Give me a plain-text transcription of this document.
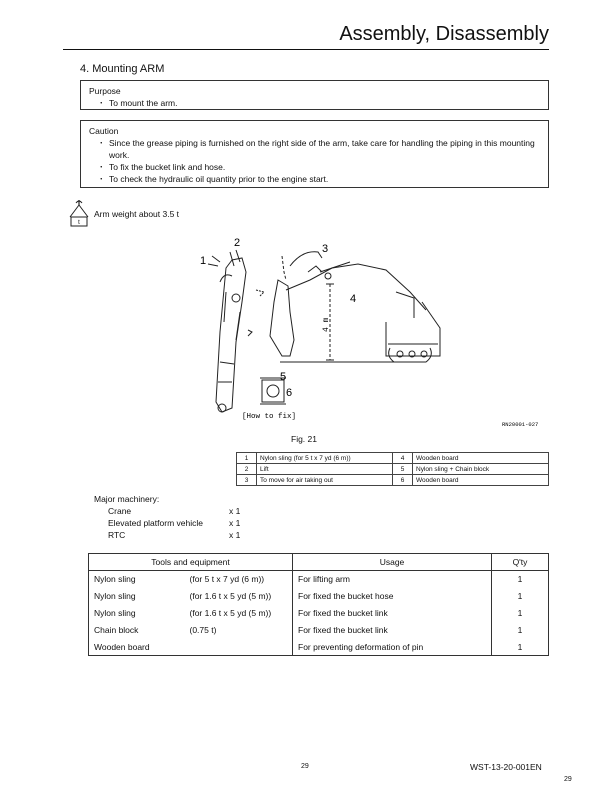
Assembly, Disassembly
4. Mounting ARM
Purpose
・ To mount the arm.
Caution
・ Since the grease piping is furnished on the right side of the arm, take care for handling the piping in this mounting work.
・ To fix the bucket link and hose.
・ To check the hydraulic oil quantity prior to the engine start.
t
Arm weight about 3.5 t
1
2	3
4
5
6
4 m
[How to fix]
RN20001-027
Fig. 21
1	Nylon sling (for 5 t x 7 yd (6 m))	4	Wooden board
2	Lift	5	Nylon sling + Chain block
3	To move for air taking out	6	Wooden board
Major machinery:
Crane	x 1
Elevated platform vehicle	x 1
RTC	x 1
Tools and equipment		Usage	Q'ty
Nylon sling	(for 5 t x 7 yd (6 m))	For lifting arm	1
Nylon sling	(for 1.6 t x 5 yd (5 m))	For fixed the bucket hose	1
Nylon sling	(for 1.6 t x 5 yd (5 m))	For fixed the bucket link	1
Chain block	(0.75 t)	For fixed the bucket link	1
Wooden board		For preventing deformation of pin	1
29	WST-13-20-001EN
29
